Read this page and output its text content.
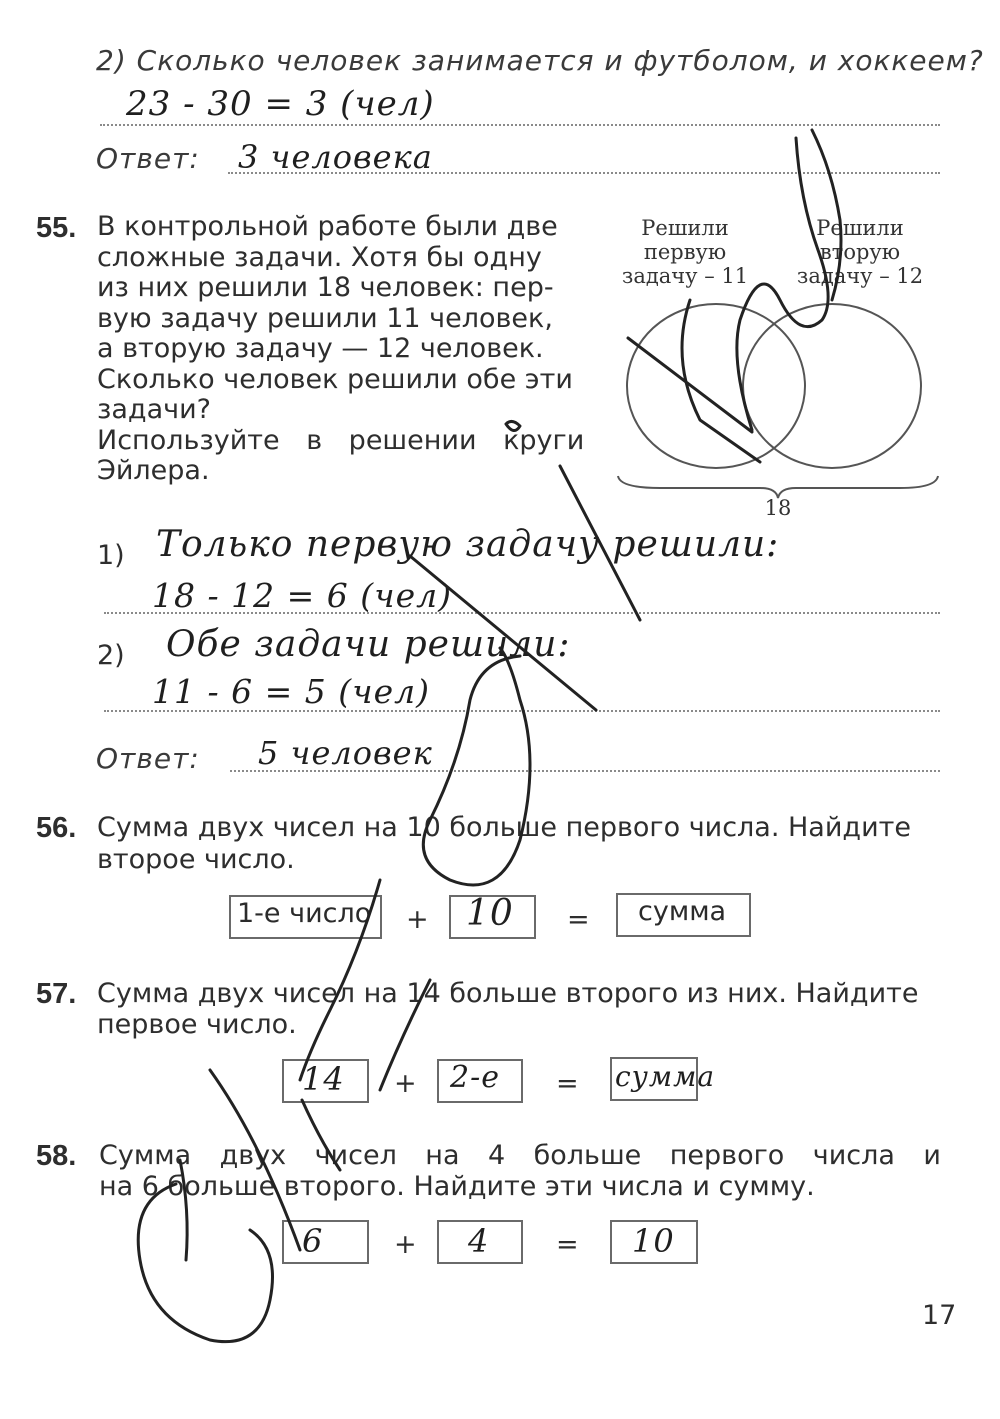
2) Сколько человек занимается и футболом, и хоккеем?
23 - 30 = 3 (чел)
Ответ: 3 человека
55. В контрольной работе были две
сложные задачи. Хотя бы одну
из них решили 18 человек: пер-
вую задачу решили 11 человек,
а вторую задачу — 12 человек.
Сколько человек решили обе эти
задачи?
Используйте в решении круги
Эйлера.
Решили
первую
задачу – 11
Решили
вторую
задачу – 12
18
1) Только первую задачу решили:
18 - 12 = 6 (чел)
2) Обе задачи решили:
11 - 6 = 5 (чел)
Ответ: 5 человек
56. Сумма двух чисел на 10 больше первого числа. Найдите
второе число.
1-е число + 10 = сумма
57. Сумма двух чисел на 14 больше второго из них. Найдите
первое число.
14 + 2-е = сумма
58. Сумма двух чисел на 4 больше первого числа и
на 6 больше второго. Найдите эти числа и сумму.
6	+ 4 = 10
17
